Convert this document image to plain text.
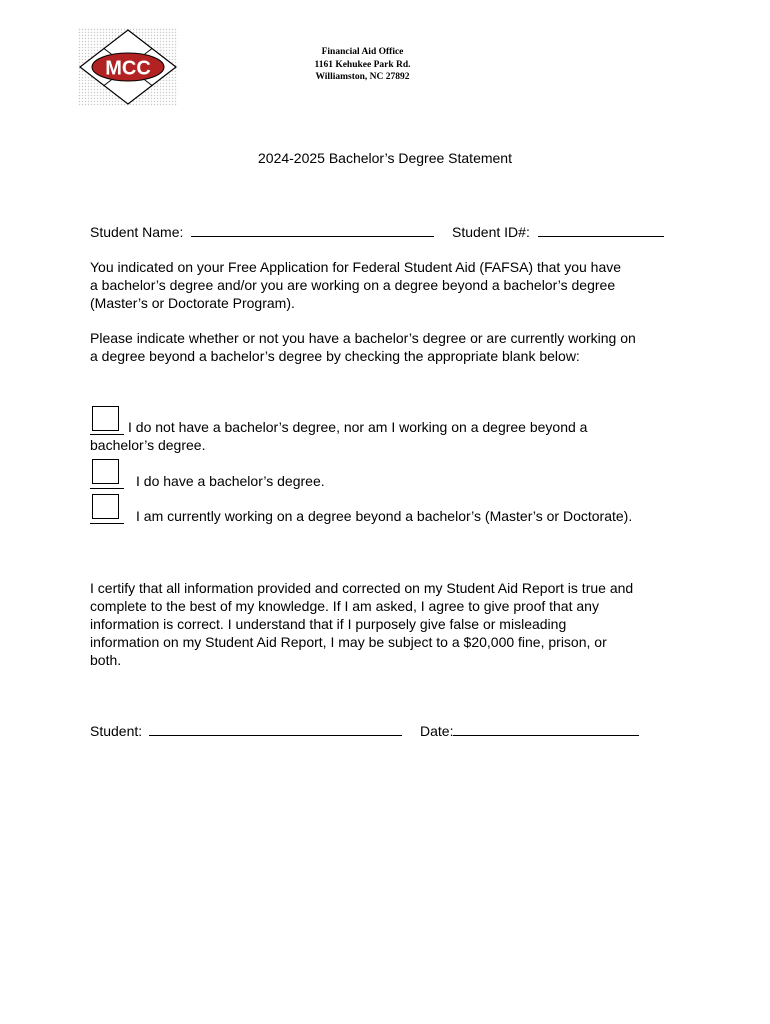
MCC
Financial Aid Office
1161 Kehukee Park Rd.
Williamston, NC 27892
2024-2025 Bachelor’s Degree Statement
Student Name:	Student ID#:
You indicated on your Free Application for Federal Student Aid (FAFSA) that you have
a bachelor’s degree and/or you are working on a degree beyond a bachelor’s degree
(Master’s or Doctorate Program).
Please indicate whether or not you have a bachelor’s degree or are currently working on
a degree beyond a bachelor’s degree by checking the appropriate blank below:
I do not have a bachelor’s degree, nor am I working on a degree beyond a
bachelor’s degree.
I do have a bachelor’s degree.
I am currently working on a degree beyond a bachelor’s (Master’s or Doctorate).
I certify that all information provided and corrected on my Student Aid Report is true and
complete to the best of my knowledge. If I am asked, I agree to give proof that any
information is correct. I understand that if I purposely give false or misleading
information on my Student Aid Report, I may be subject to a $20,000 fine, prison, or
both.
Student:	Date:
